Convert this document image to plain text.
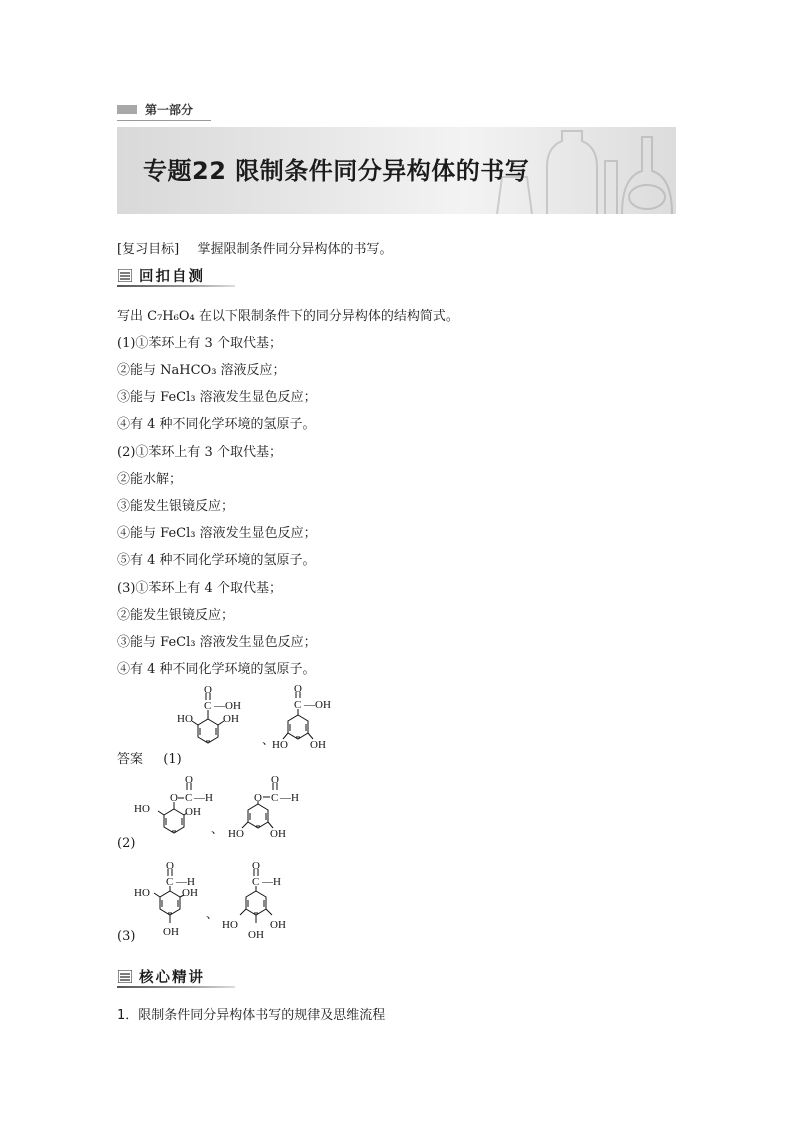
第一部分
专题22 限制条件同分异构体的书写
[复习目标] 掌握限制条件同分异构体的书写。
回扣自测
写出 C₇H₆O₄ 在以下限制条件下的同分异构体的结构简式。
(1)①苯环上有 3 个取代基；
②能与 NaHCO₃ 溶液反应；
③能与 FeCl₃ 溶液发生显色反应；
④有 4 种不同化学环境的氢原子。
(2)①苯环上有 3 个取代基；
②能水解；
③能发生银镜反应；
④能与 FeCl₃ 溶液发生显色反应；
⑤有 4 种不同化学环境的氢原子。
(3)①苯环上有 4 个取代基；
②能发生银镜反应；
③能与 FeCl₃ 溶液发生显色反应；
④有 4 种不同化学环境的氢原子。
答案 (1)
(2)
(3)
C
O
—OH
HO	OH
、
C
O
—OH
HO OH
O C
O
—H
HO	OH
、
O C
O
—H
HO OH
C
O
—H
HO	OH
OH
、
C
O
—H
HO
OH
OH
核心精讲
1．限制条件同分异构体书写的规律及思维流程
